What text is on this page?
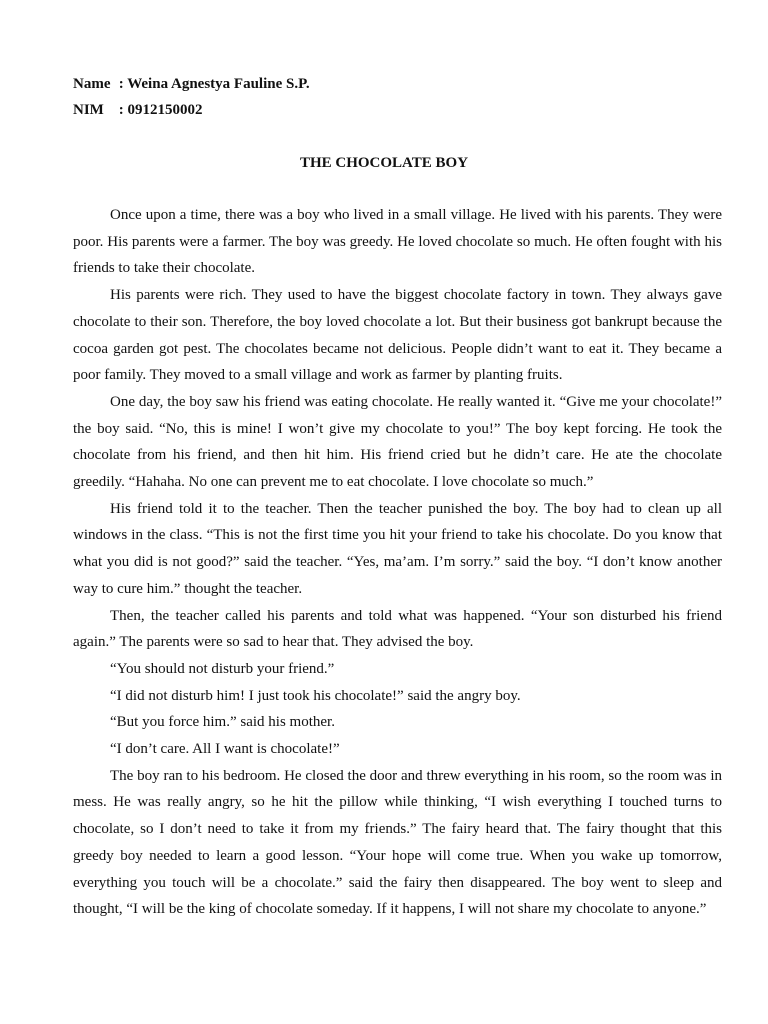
Name : Weina Agnestya Fauline S.P.
NIM : 0912150002
THE CHOCOLATE BOY

Once upon a time, there was a boy who lived in a small village. He lived with his parents. They were poor. His parents were a farmer. The boy was greedy. He loved chocolate so much. He often fought with his friends to take their chocolate.

His parents were rich. They used to have the biggest chocolate factory in town. They always gave chocolate to their son. Therefore, the boy loved chocolate a lot. But their business got bankrupt because the cocoa garden got pest. The chocolates became not delicious. People didn’t want to eat it. They became a poor family. They moved to a small village and work as farmer by planting fruits.

One day, the boy saw his friend was eating chocolate. He really wanted it. “Give me your chocolate!” the boy said. “No, this is mine! I won’t give my chocolate to you!” The boy kept forcing. He took the chocolate from his friend, and then hit him. His friend cried but he didn’t care. He ate the chocolate greedily. “Hahaha. No one can prevent me to eat chocolate. I love chocolate so much.”

His friend told it to the teacher. Then the teacher punished the boy. The boy had to clean up all windows in the class. “This is not the first time you hit your friend to take his chocolate. Do you know that what you did is not good?” said the teacher. “Yes, ma’am. I’m sorry.” said the boy. “I don’t know another way to cure him.” thought the teacher.

Then, the teacher called his parents and told what was happened. “Your son disturbed his friend again.” The parents were so sad to hear that. They advised the boy.

“You should not disturb your friend.”

“I did not disturb him! I just took his chocolate!” said the angry boy.

“But you force him.” said his mother.

“I don’t care. All I want is chocolate!”

The boy ran to his bedroom. He closed the door and threw everything in his room, so the room was in mess. He was really angry, so he hit the pillow while thinking, “I wish everything I touched turns to chocolate, so I don’t need to take it from my friends.” The fairy heard that. The fairy thought that this greedy boy needed to learn a good lesson. “Your hope will come true. When you wake up tomorrow, everything you touch will be a chocolate.” said the fairy then disappeared. The boy went to sleep and thought, “I will be the king of chocolate someday. If it happens, I will not share my chocolate to anyone.”
